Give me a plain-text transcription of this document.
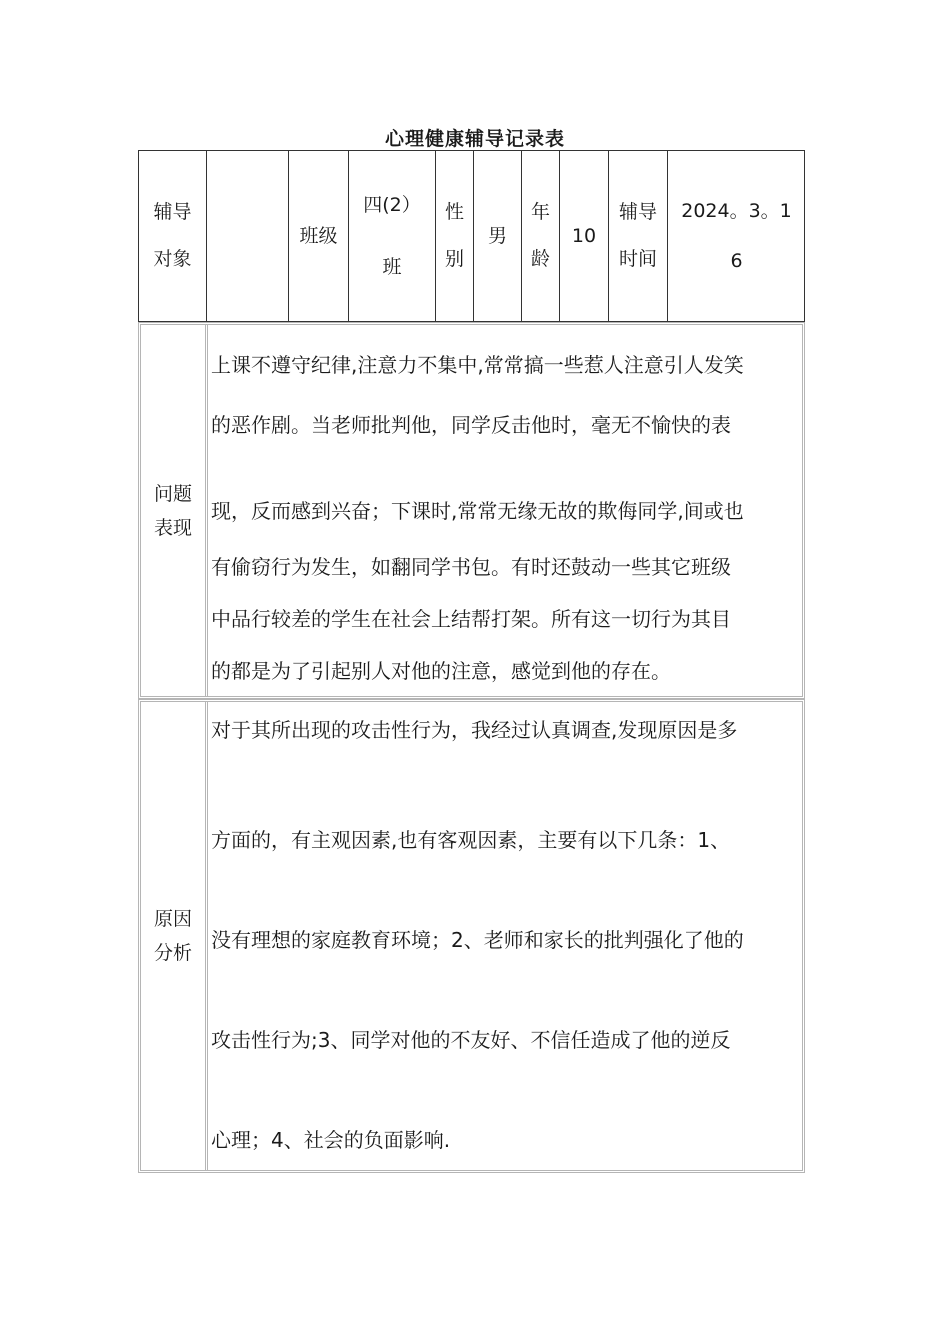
心理健康辅导记录表
辅导对象
班级
四(2）
班
性别
男
年龄
10
辅导时间
2024。3。1
6
问题表现

上课不遵守纪律,注意力不集中,常常搞一些惹人注意引人发笑

的恶作剧。当老师批判他，同学反击他时，毫无不愉快的表

现，反而感到兴奋；下课时,常常无缘无故的欺侮同学,间或也

有偷窃行为发生，如翻同学书包。有时还鼓动一些其它班级

中品行较差的学生在社会上结帮打架。所有这一切行为其目

的都是为了引起别人对他的注意，感觉到他的存在。

原因分析

对于其所出现的攻击性行为，我经过认真调查,发现原因是多

方面的，有主观因素,也有客观因素，主要有以下几条：1、

没有理想的家庭教育环境；2、老师和家长的批判强化了他的

攻击性行为;3、同学对他的不友好、不信任造成了他的逆反

心理；4、社会的负面影响.
